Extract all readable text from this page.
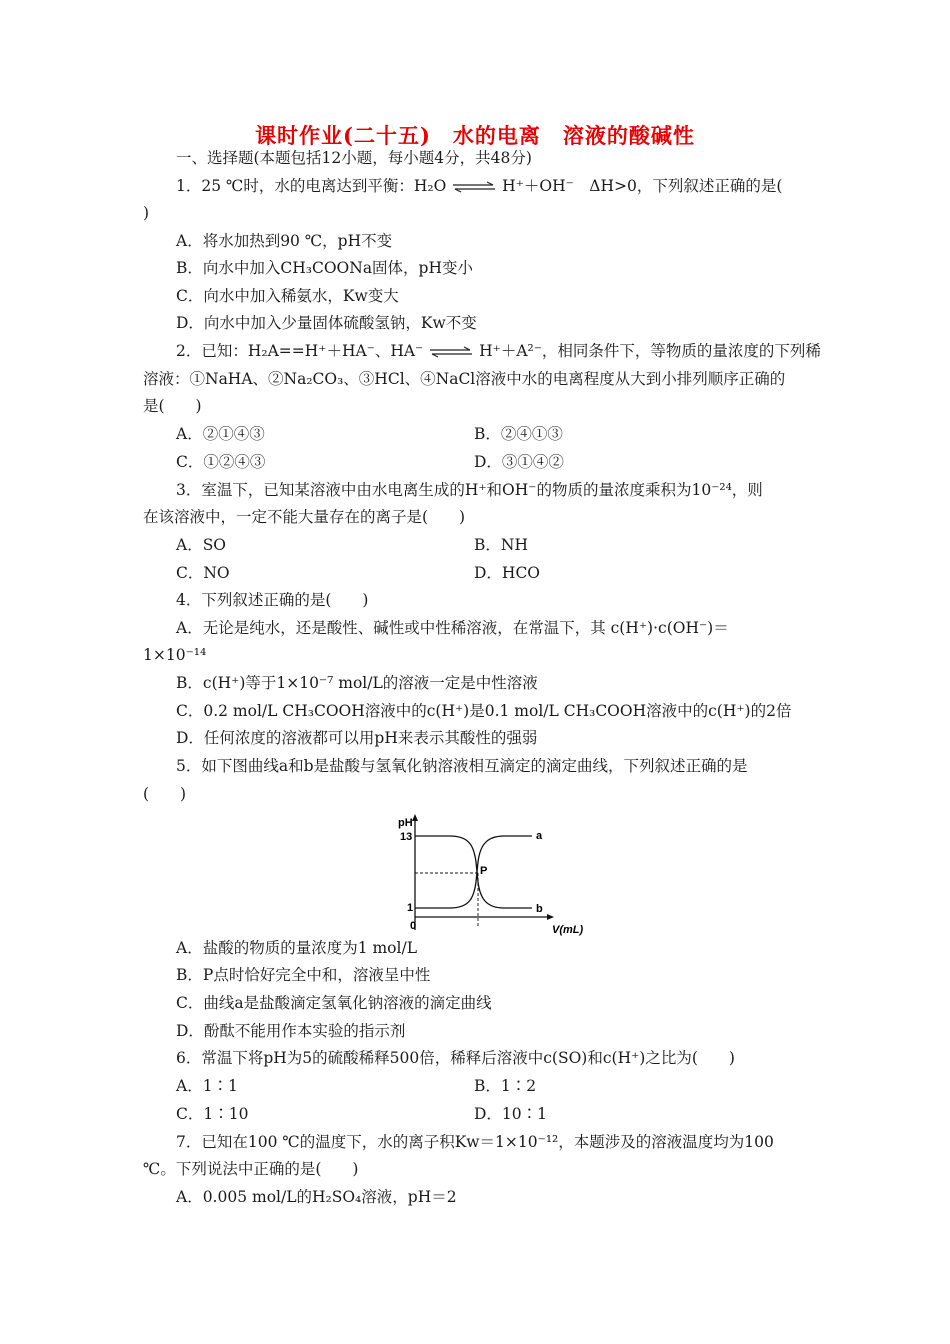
课时作业(二十五)　水的电离　溶液的酸碱性
一、选择题(本题包括12小题，每小题4分，共48分)
1．25 ℃时，水的电离达到平衡：H₂O ⇌ H⁺＋OH⁻　ΔH>0，下列叙述正确的是(
)
A．将水加热到90 ℃，pH不变
B．向水中加入CH₃COONa固体，pH变小
C．向水中加入稀氨水，Kw变大
D．向水中加入少量固体硫酸氢钠，Kw不变
2．已知：H₂A==H⁺＋HA⁻、HA⁻ ⇌ H⁺＋A²⁻，相同条件下，等物质的量浓度的下列稀
溶液：①NaHA、②Na₂CO₃、③HCl、④NaCl溶液中水的电离程度从大到小排列顺序正确的
是(　　)
A．②①④③	B．②④①③
C．①②④③	D．③①④②
3．室温下，已知某溶液中由水电离生成的H⁺和OH⁻的物质的量浓度乘积为10⁻²⁴，则
在该溶液中，一定不能大量存在的离子是(　　)
A．SO	B．NH
C．NO	D．HCO
4．下列叙述正确的是(　　)
A．无论是纯水，还是酸性、碱性或中性稀溶液，在常温下，其 c(H⁺)·c(OH⁻)＝
1×10⁻¹⁴
B．c(H⁺)等于1×10⁻⁷ mol/L的溶液一定是中性溶液
C．0.2 mol/L CH₃COOH溶液中的c(H⁺)是0.1 mol/L CH₃COOH溶液中的c(H⁺)的2倍
D．任何浓度的溶液都可以用pH来表示其酸性的强弱
5．如下图曲线a和b是盐酸与氢氧化钠溶液相互滴定的滴定曲线，下列叙述正确的是
(　　)
pH
13
1
0	V(mL)
a
b
P
A．盐酸的物质的量浓度为1 mol/L
B．P点时恰好完全中和，溶液呈中性
C．曲线a是盐酸滴定氢氧化钠溶液的滴定曲线
D．酚酞不能用作本实验的指示剂
6．常温下将pH为5的硫酸稀释500倍，稀释后溶液中c(SO)和c(H⁺)之比为(　　)
A．1∶1	B．1∶2
C．1∶10	D．10∶1
7．已知在100 ℃的温度下，水的离子积Kw＝1×10⁻¹²，本题涉及的溶液温度均为100
℃。下列说法中正确的是(　　)
A．0.005 mol/L的H₂SO₄溶液，pH＝2
